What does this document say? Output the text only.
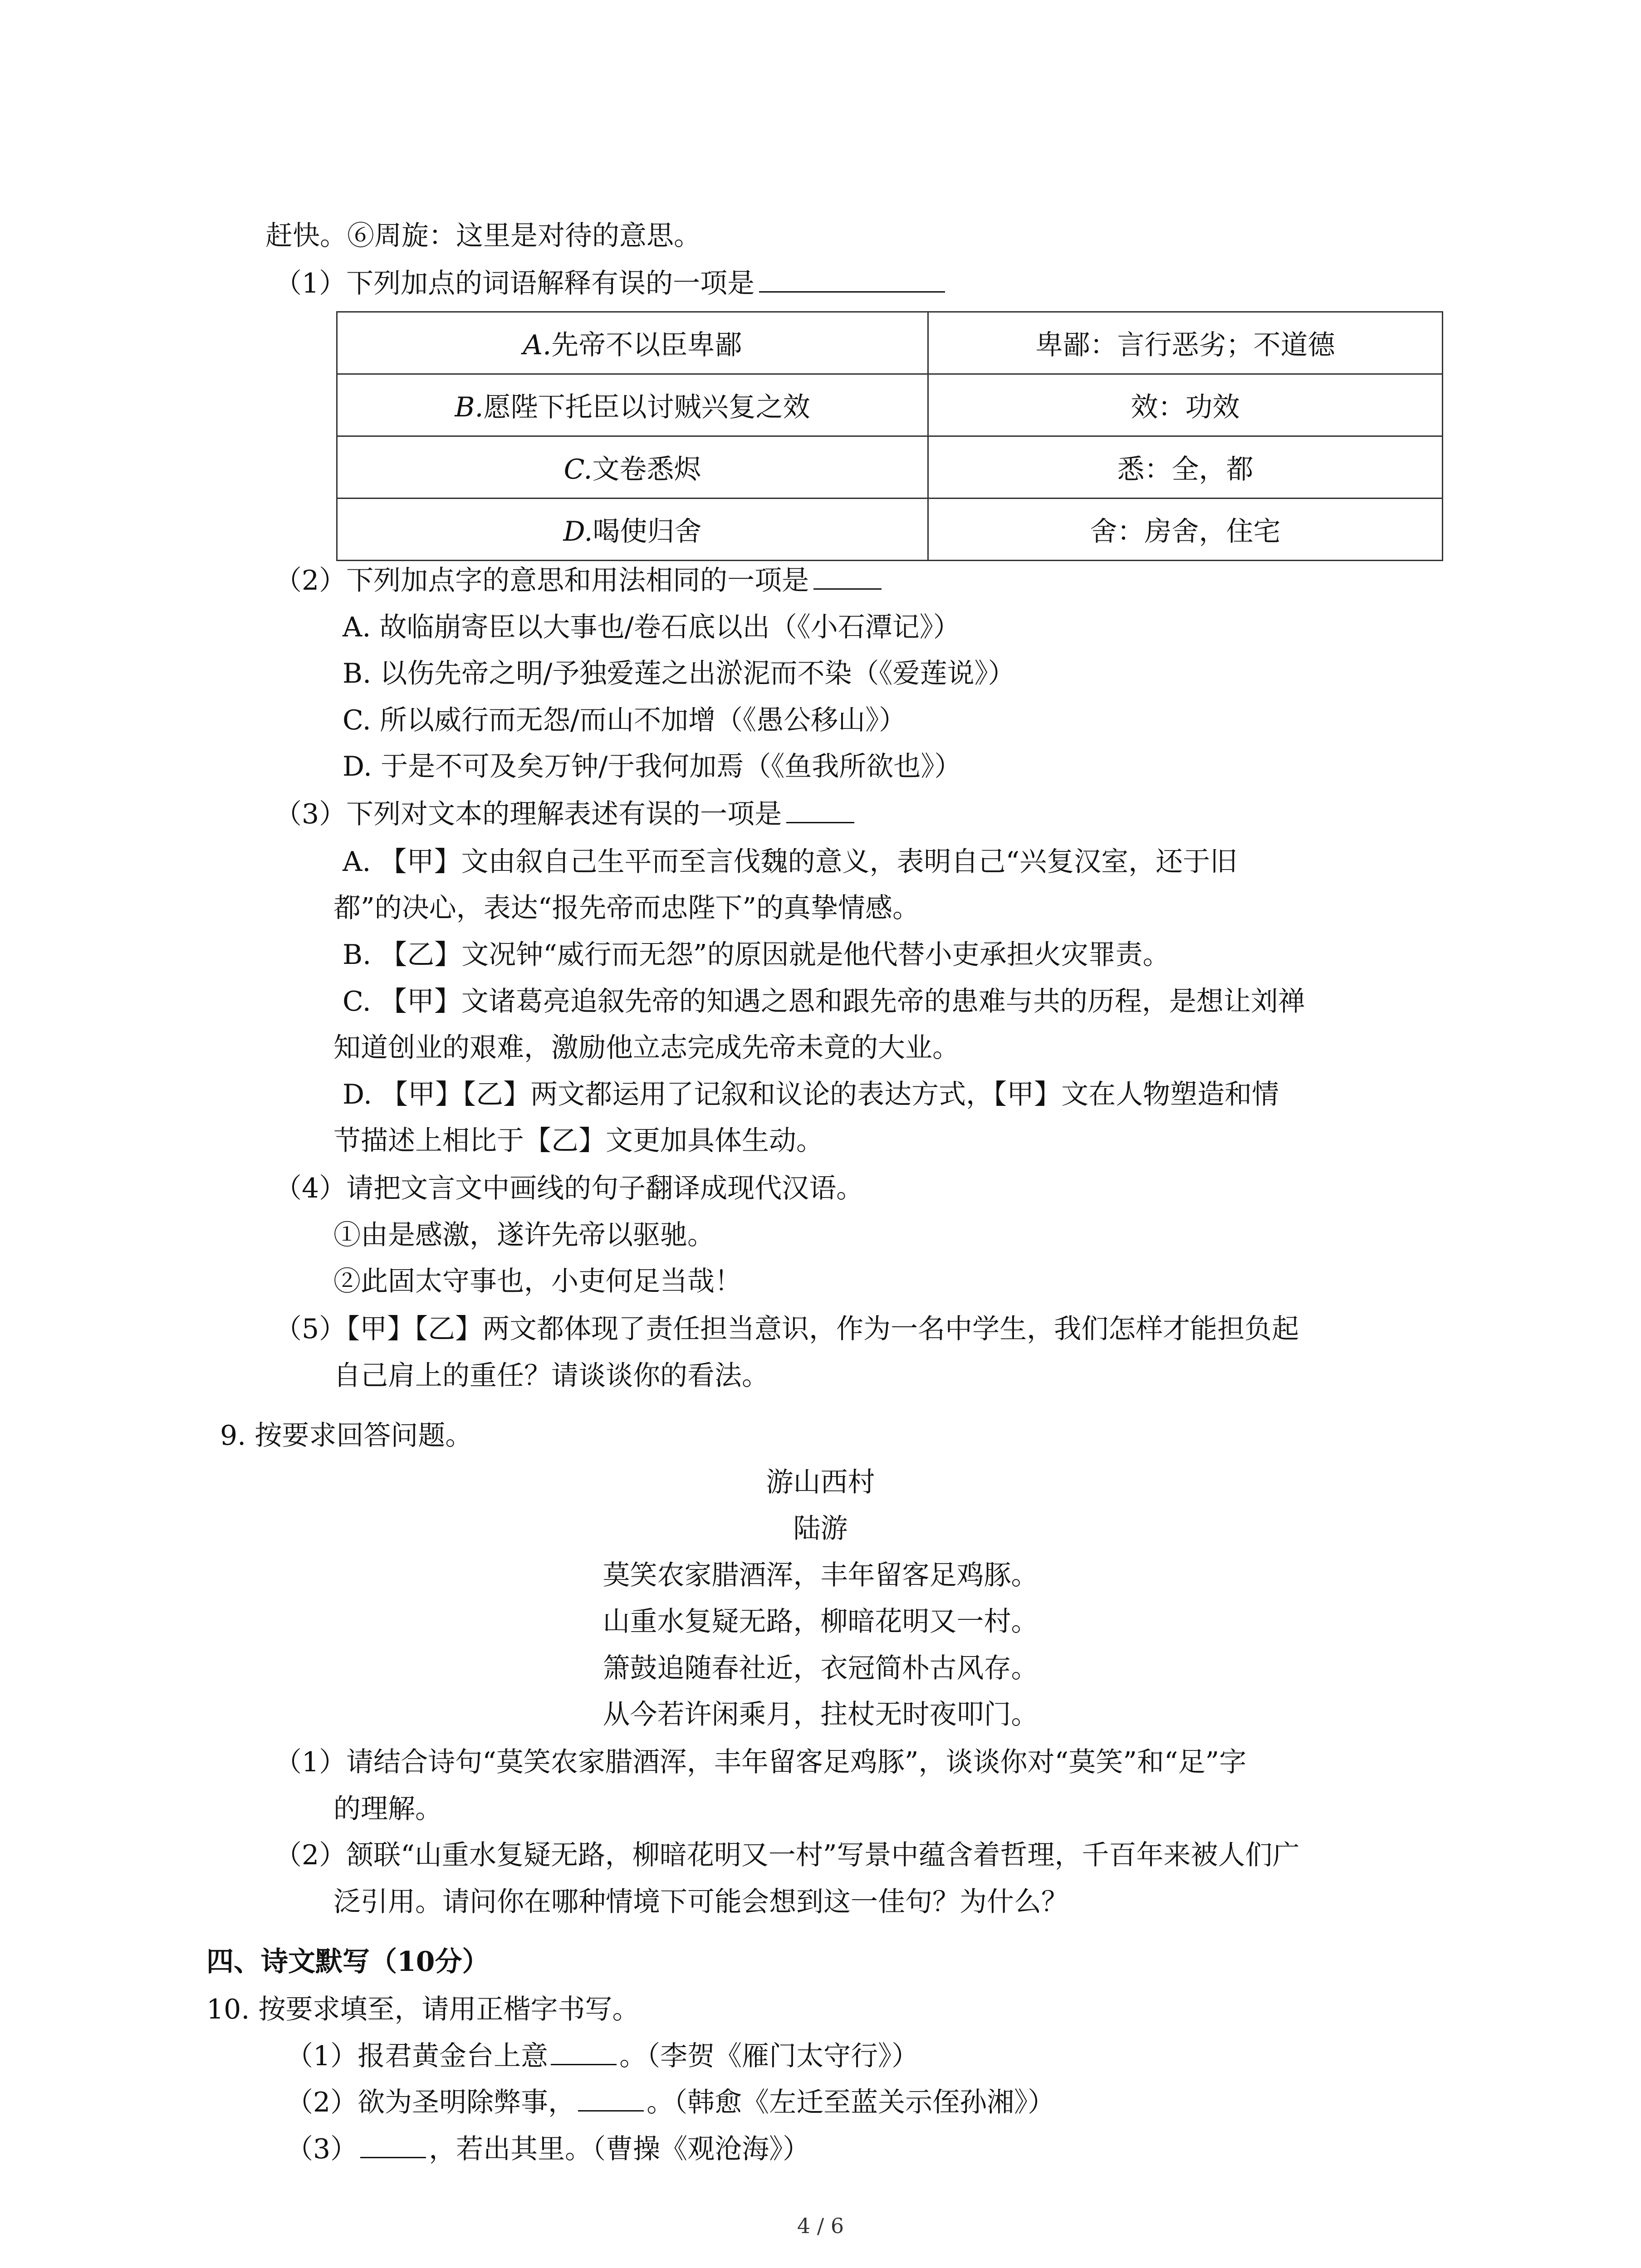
赶快。⑥周旋：这里是对待的意思。
（1）下列加点的词语解释有误的一项是
A.先帝不以臣卑鄙	卑鄙：言行恶劣；不道德
B.愿陛下托臣以讨贼兴复之效	效：功效
C.文卷悉烬	悉：全，都
D.喝使归舍	舍：房舍，住宅
（2）下列加点字的意思和用法相同的一项是
A. 故临崩寄臣以大事也/卷石底以出（《小石潭记》）
B. 以伤先帝之明/予独爱莲之出淤泥而不染（《爱莲说》）
C. 所以威行而无怨/而山不加增（《愚公移山》）
D. 于是不可及矣万钟/于我何加焉（《鱼我所欲也》）
（3）下列对文本的理解表述有误的一项是
A. 【甲】文由叙自己生平而至言伐魏的意义，表明自己“兴复汉室，还于旧
都”的决心，表达“报先帝而忠陛下”的真挚情感。
B. 【乙】文况钟“威行而无怨”的原因就是他代替小吏承担火灾罪责。
C. 【甲】文诸葛亮追叙先帝的知遇之恩和跟先帝的患难与共的历程，是想让刘禅
知道创业的艰难，激励他立志完成先帝未竟的大业。
D. 【甲】【乙】两文都运用了记叙和议论的表达方式，【甲】文在人物塑造和情
节描述上相比于【乙】文更加具体生动。
（4）请把文言文中画线的句子翻译成现代汉语。
①由是感激，遂许先帝以驱驰。
②此固太守事也，小吏何足当哉！
（5）【甲】【乙】两文都体现了责任担当意识，作为一名中学生，我们怎样才能担负起
自己肩上的重任？请谈谈你的看法。
9. 按要求回答问题。
游山西村
陆游
莫笑农家腊酒浑，丰年留客足鸡豚。
山重水复疑无路，柳暗花明又一村。
箫鼓追随春社近，衣冠简朴古风存。
从今若许闲乘月，拄杖无时夜叩门。
（1）请结合诗句“莫笑农家腊酒浑，丰年留客足鸡豚”，谈谈你对“莫笑”和“足”字
的理解。
（2）颔联“山重水复疑无路，柳暗花明又一村”写景中蕴含着哲理，千百年来被人们广
泛引用。请问你在哪种情境下可能会想到这一佳句？为什么？
四、诗文默写（10分）
10. 按要求填至，请用正楷字书写。
（1）报君黄金台上意	。（李贺《雁门太守行》）
（2）欲为圣明除弊事，	。（韩愈《左迁至蓝关示侄孙湘》）
（3）	，若出其里。（曹操《观沧海》）
4 / 6
